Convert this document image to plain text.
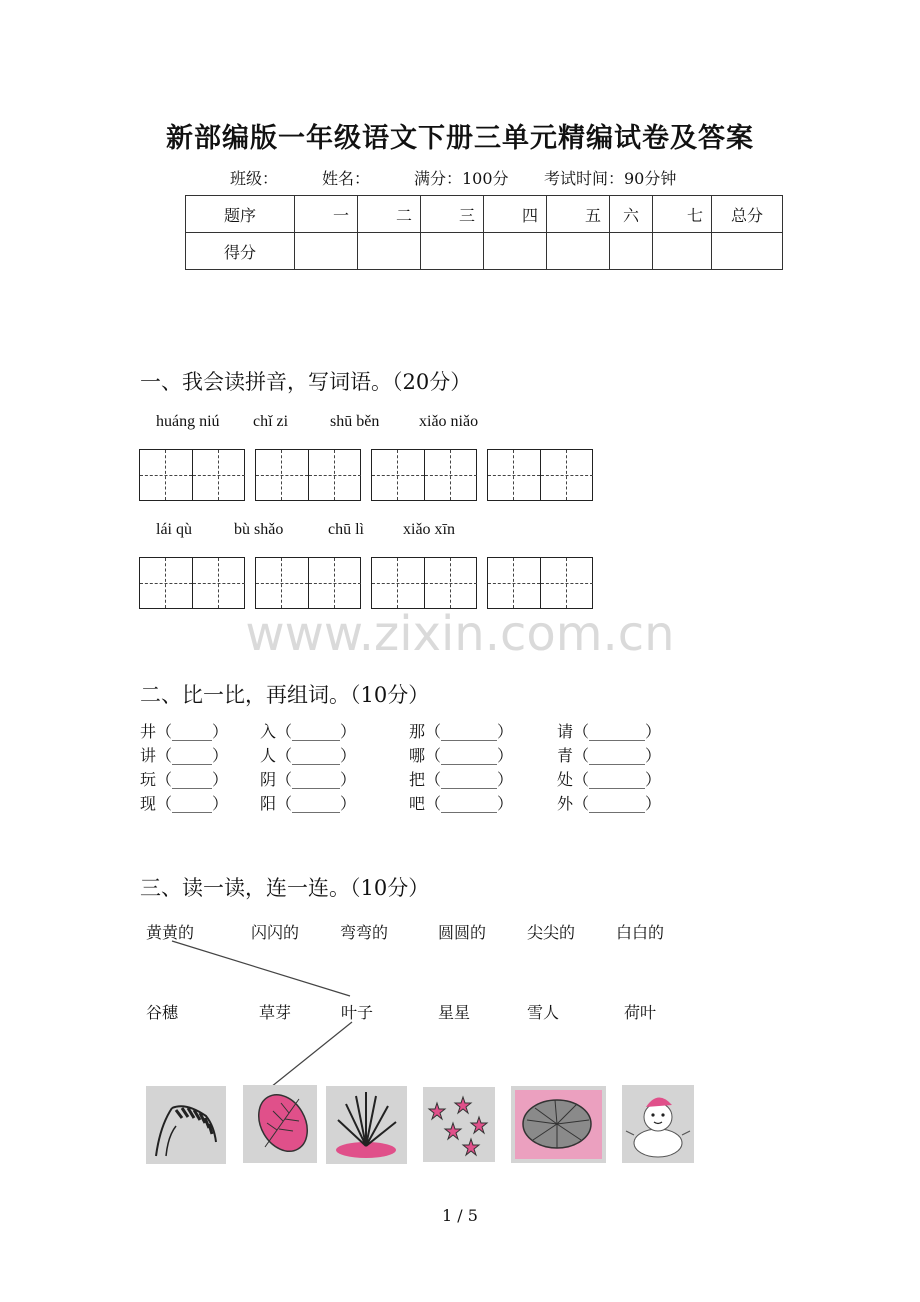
新部编版一年级语文下册三单元精编试卷及答案
班级：	姓名：	满分：100分 考试时间：90分钟
题序	一	二	三	四	五	六	七	总分
得分								
一、我会读拼音，写词语。（20分）
huáng niú chǐ zi	shū běn xiǎo niǎo
lái qù	bù shǎo	chū lì xiǎo xīn
www.zixin.com.cn
二、比一比，再组词。（10分）
井（_____） 入（______）	那（_______）	请（_______）
讲（_____） 人（______）	哪（_______）	青（_______）
玩（_____） 阴（______）	把（_______）	处（_______）
现（_____） 阳（______）	吧（_______）	外（_______）
三、读一读，连一连。（10分）
黄黄的	闪闪的	弯弯的	圆圆的	尖尖的	白白的
谷穗	草芽	叶子	星星	雪人	荷叶
1 / 5
